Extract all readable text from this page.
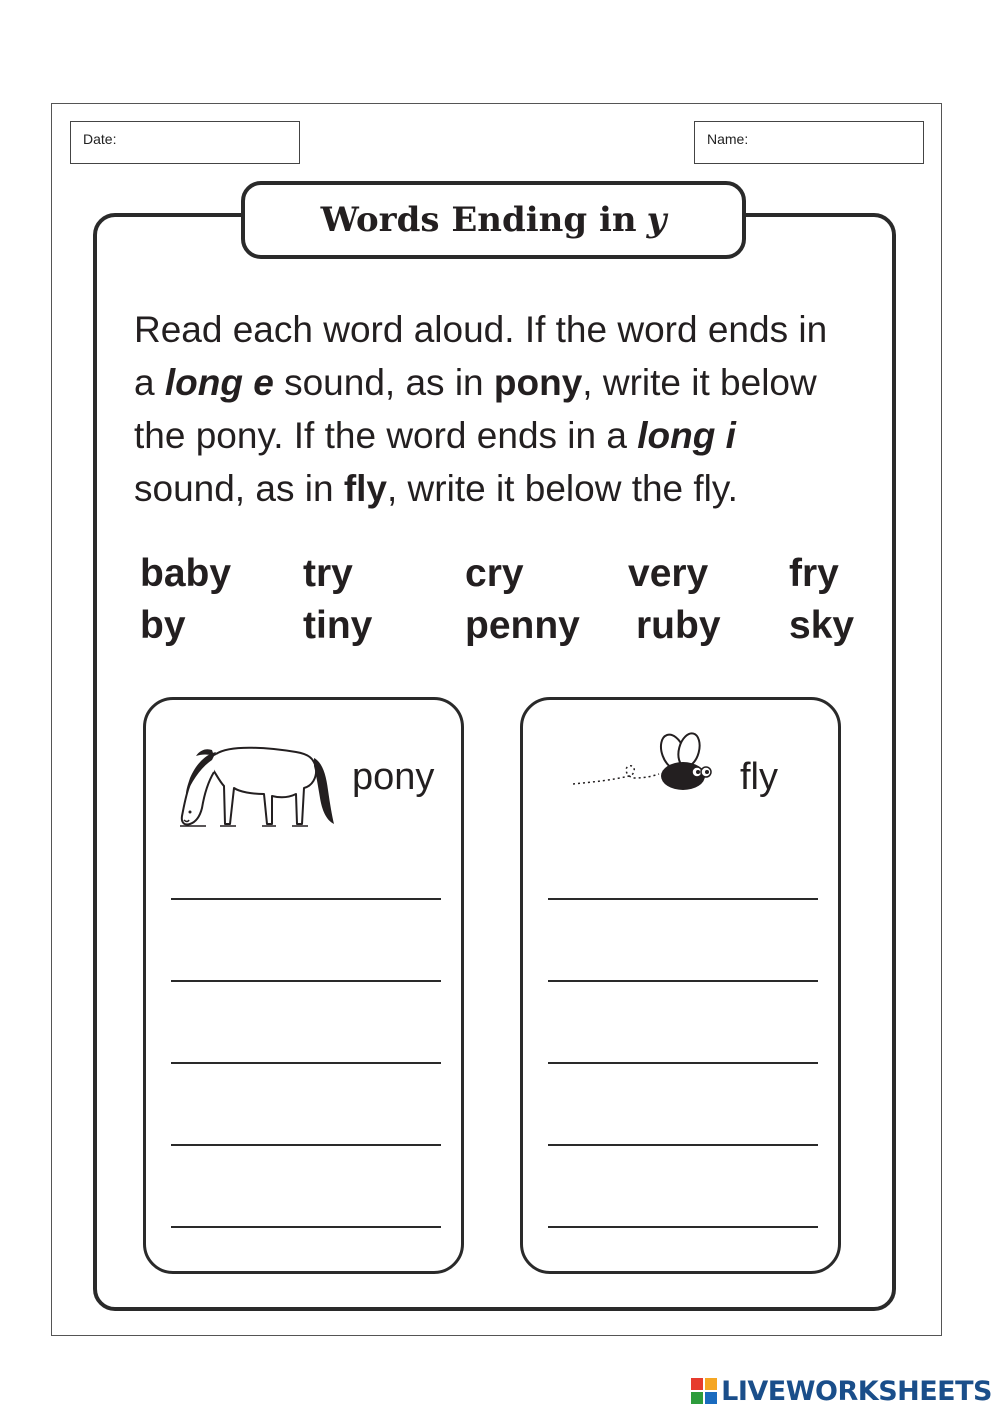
Date:	Name:
Words Ending in y
Read each word aloud. If the word ends in
a long e sound, as in pony, write it below
the pony. If the word ends in a long i
sound, as in fly, write it below the fly.
baby try	cry	very fry
by	tiny penny ruby sky
pony	fly
LIVEWORKSHEETS
